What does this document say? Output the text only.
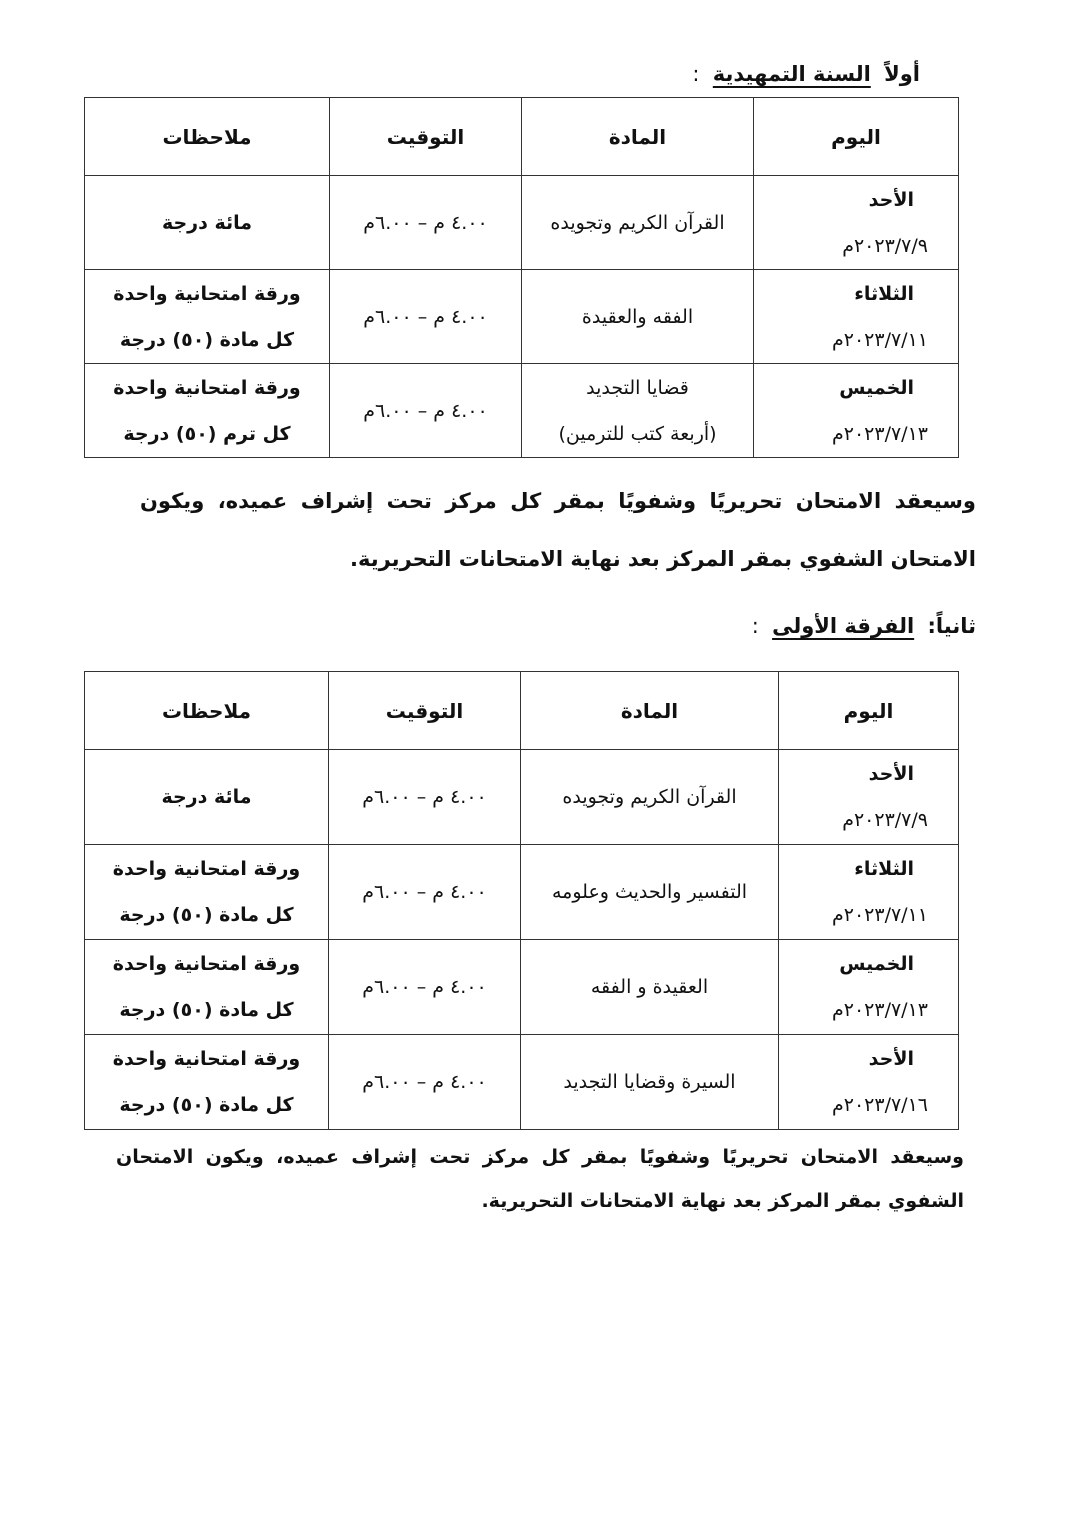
أولاً السنة التمهيدية :
اليوم	المادة	التوقيت	ملاحظات

الأحد
٢٠٢٣/٧/٩م	القرآن الكريم وتجويده	٤.٠٠ م – ٦.٠٠م	مائة درجة

الثلاثاء
٢٠٢٣/٧/١١م	الفقه والعقيدة	٤.٠٠ م – ٦.٠٠م	ورقة امتحانية واحدة
كل مادة (٥٠) درجة

الخميس
٢٠٢٣/٧/١٣م	قضايا التجديد
(أربعة كتب للترمين)	٤.٠٠ م – ٦.٠٠م	ورقة امتحانية واحدة
كل ترم (٥٠) درجة

وسيعقد الامتحان تحريريًا وشفويًا بمقر كل مركز تحت إشراف عميده، ويكون الامتحان الشفوي بمقر المركز بعد نهاية الامتحانات التحريرية.

ثانياً: الفرقة الأولى :
اليوم	المادة	التوقيت	ملاحظات

الأحد
٢٠٢٣/٧/٩م	القرآن الكريم وتجويده	٤.٠٠ م – ٦.٠٠م	مائة درجة

الثلاثاء
٢٠٢٣/٧/١١م	التفسير والحديث وعلومه	٤.٠٠ م – ٦.٠٠م	ورقة امتحانية واحدة
كل مادة (٥٠) درجة

الخميس
٢٠٢٣/٧/١٣م	العقيدة و الفقه	٤.٠٠ م – ٦.٠٠م	ورقة امتحانية واحدة
كل مادة (٥٠) درجة

الأحد
٢٠٢٣/٧/١٦م	السيرة وقضايا التجديد	٤.٠٠ م – ٦.٠٠م	ورقة امتحانية واحدة
كل مادة (٥٠) درجة

وسيعقد الامتحان تحريريًا وشفويًا بمقر كل مركز تحت إشراف عميده، ويكون الامتحان الشفوي بمقر المركز بعد نهاية الامتحانات التحريرية.
